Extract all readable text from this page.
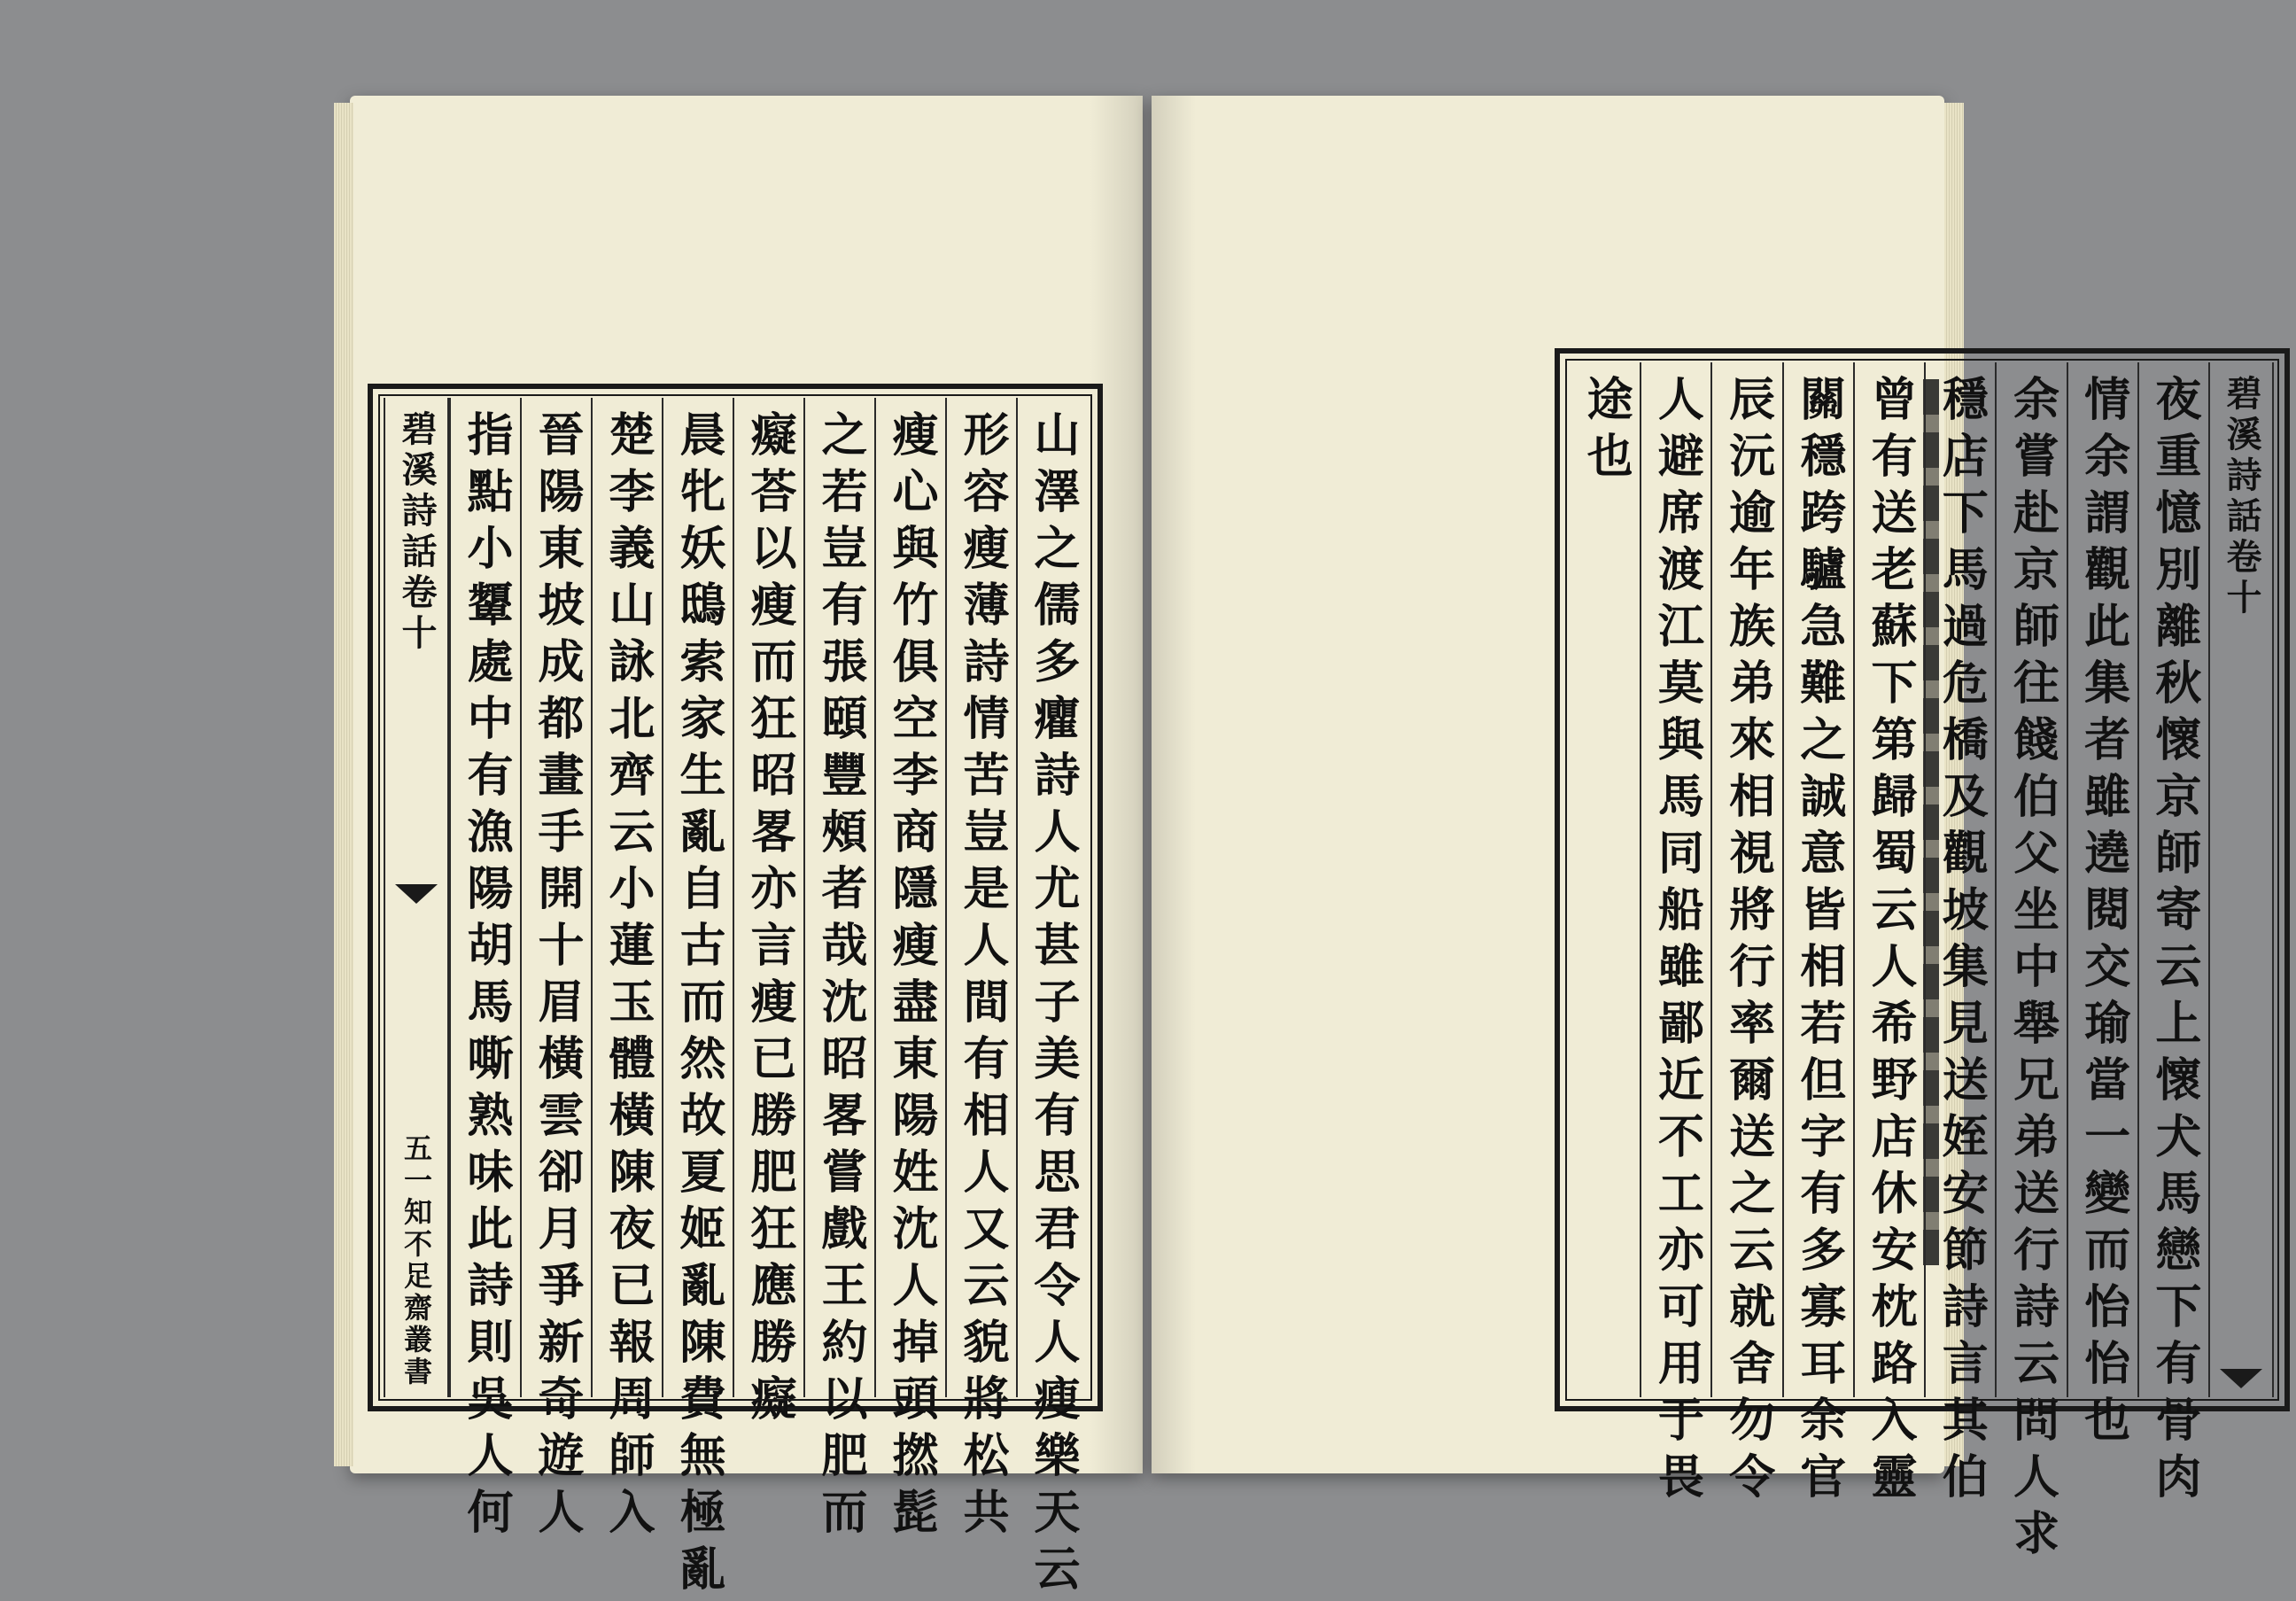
山澤之儒多癯詩人尤甚子美有思君令人瘦樂天云
形容瘦薄詩情苦豈是人間有相人又云貌將松共
瘦心與竹俱空李商隱瘦盡東陽姓沈人掉頭撚髭
之若豈有張頤豐頰者哉沈昭畧嘗戲王約以肥而
癡荅以瘦而狂昭畧亦言瘦已勝肥狂應勝癡
晨牝妖鴟索家生亂自古而然故夏姬亂陳費無極亂
楚李義山詠北齊云小蓮玉體橫陳夜已報周師入
晉陽東坡成都畫手開十眉橫雲卻月爭新奇遊人
指點小顰處中有漁陽胡馬嘶熟味此詩則吳人何
碧溪詩話卷十
五一知不足齋叢書
碧溪詩話卷十
夜重憶別離秋懷京師寄云上懷犬馬戀下有骨肉
情余謂觀此集者雖遶閱交瑜當一變而怡怡也
余嘗赴京師往餞伯父坐中舉兄弟送行詩云問人求
穩店下馬過危橋及觀坡集見送姪安節詩言其伯
曾有送老蘇下第歸蜀云人希野店休安枕路入靈
關穩跨驢急難之誠意皆相若但字有多寡耳余官
辰沅逾年族弟來相視將行率爾送之云就舍勿令
人避席渡江莫與馬同船雖鄙近不工亦可用于畏
途也
